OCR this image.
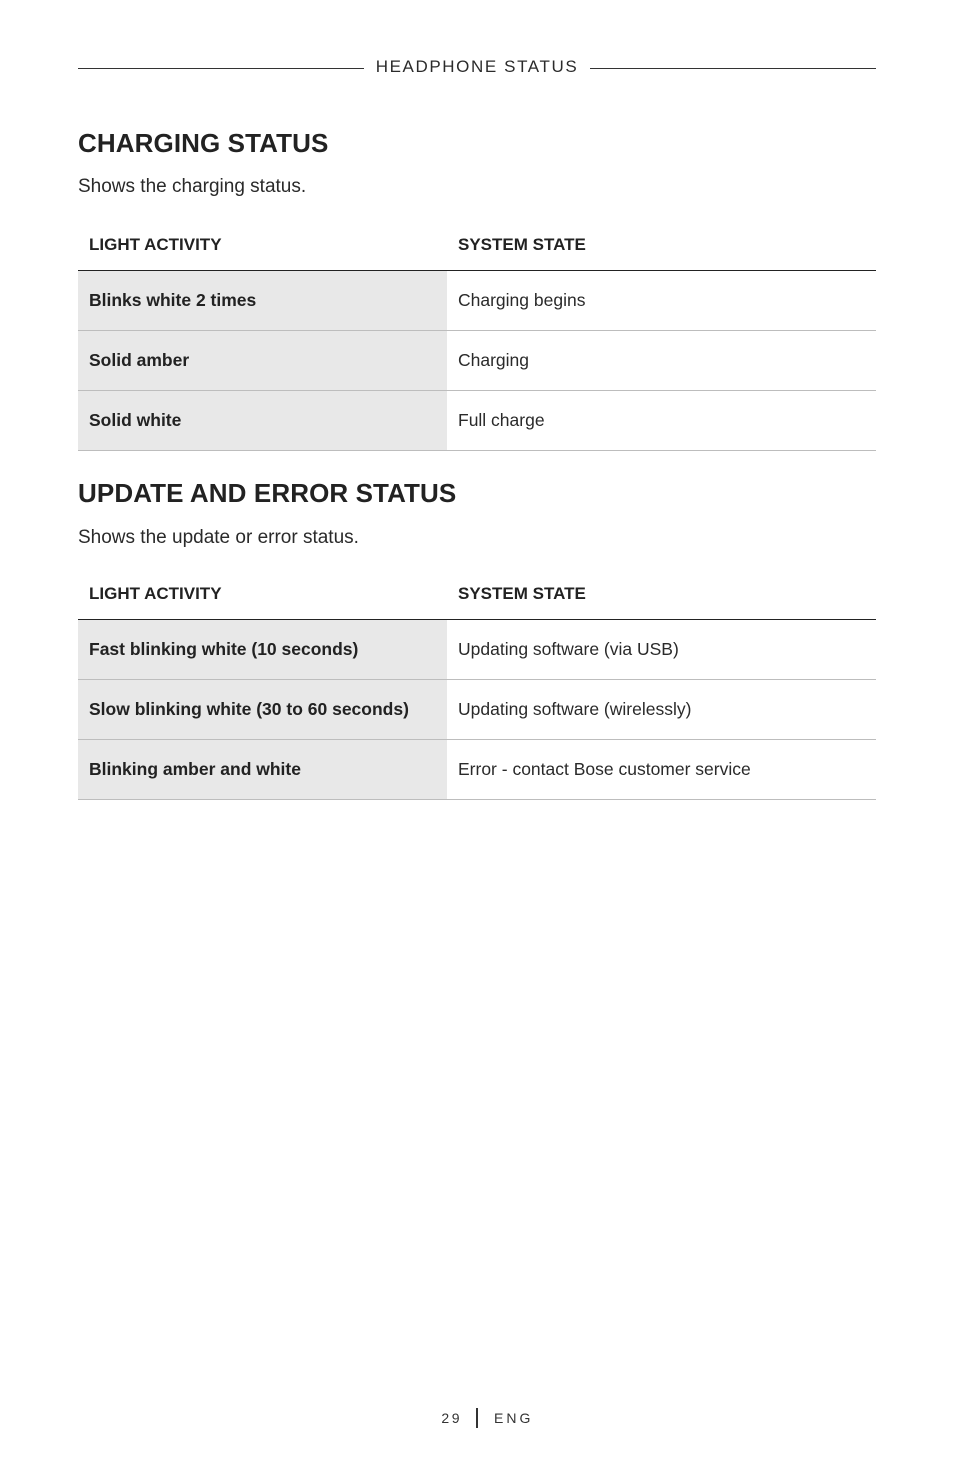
HEADPHONE STATUS
CHARGING STATUS

Shows the charging status.

LIGHT ACTIVITY	SYSTEM STATE
Blinks white 2 times	Charging begins
Solid amber	Charging
Solid white	Full charge
UPDATE AND ERROR STATUS

Shows the update or error status.

LIGHT ACTIVITY	SYSTEM STATE
Fast blinking white (10 seconds)	Updating software (via USB)
Slow blinking white (30 to 60 seconds)	Updating software (wirelessly)
Blinking amber and white	Error - contact Bose customer service
29 ENG
